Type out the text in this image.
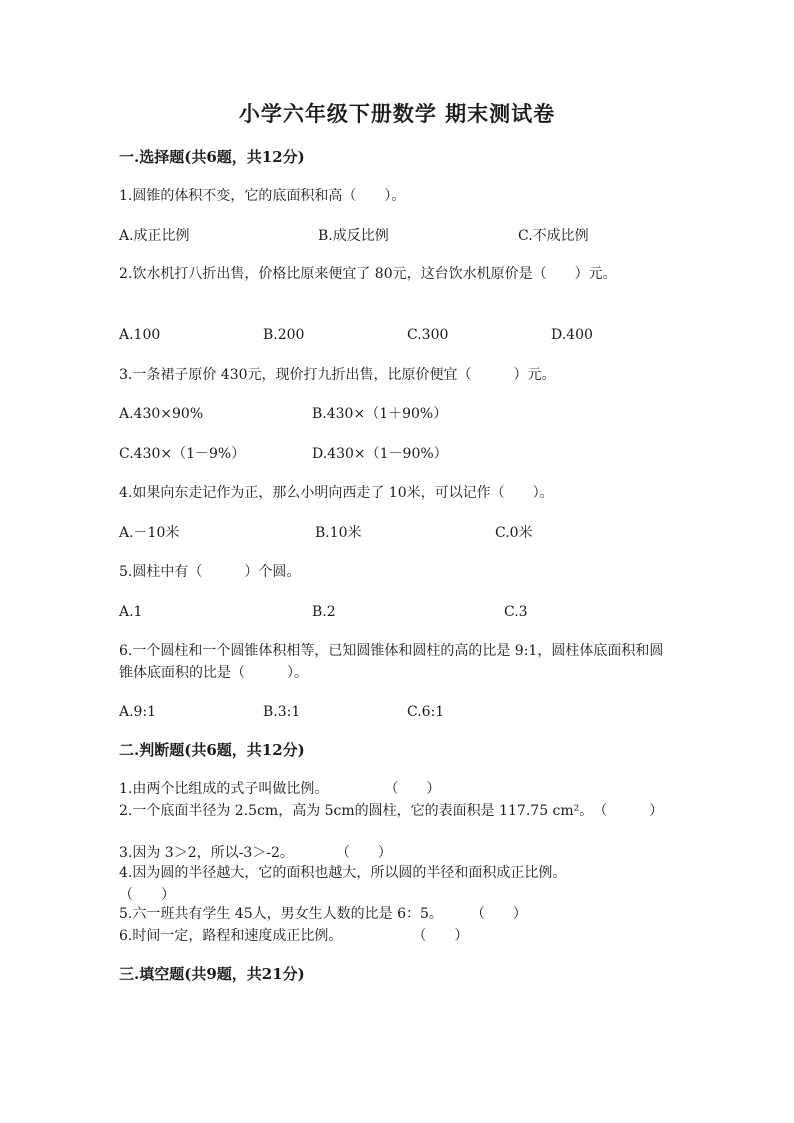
小学六年级下册数学 期末测试卷
一.选择题(共6题，共12分)
1.圆锥的体积不变，它的底面积和高（　　）。
A.成正比例	B.成反比例	C.不成比例
2.饮水机打八折出售，价格比原来便宜了 80元，这台饮水机原价是（　　）元。
A.100	B.200	C.300	D.400
3.一条裙子原价 430元，现价打九折出售，比原价便宜（　　　）元。
A.430×90%	B.430×（1＋90%）
C.430×（1－9%）	D.430×（1－90%）
4.如果向东走记作为正，那么小明向西走了 10米，可以记作（　　）。
A.－10米	B.10米	C.0米
5.圆柱中有（　　　）个圆。
A.1	B.2	C.3
6.一个圆柱和一个圆锥体积相等，已知圆锥体和圆柱的高的比是 9:1，圆柱体底面积和圆锥体底面积的比是（　　　）。
A.9:1	B.3:1	C.6:1
二.判断题(共6题，共12分)
1.由两个比组成的式子叫做比例。　　　　　（　　）
2.一个底面半径为 2.5cm，高为 5cm的圆柱，它的表面积是 117.75 cm²。　（　　　）
3.因为 3＞2，所以-3＞-2。　　　　（　　）
4.因为圆的半径越大，它的面积也越大，所以圆的半径和面积成正比例。　　　　　　　（　　）
5.六一班共有学生 45人，男女生人数的比是 6：5。　　　（　　）
6.时间一定，路程和速度成正比例。　　　　　　（　　）
三.填空题(共9题，共21分)
